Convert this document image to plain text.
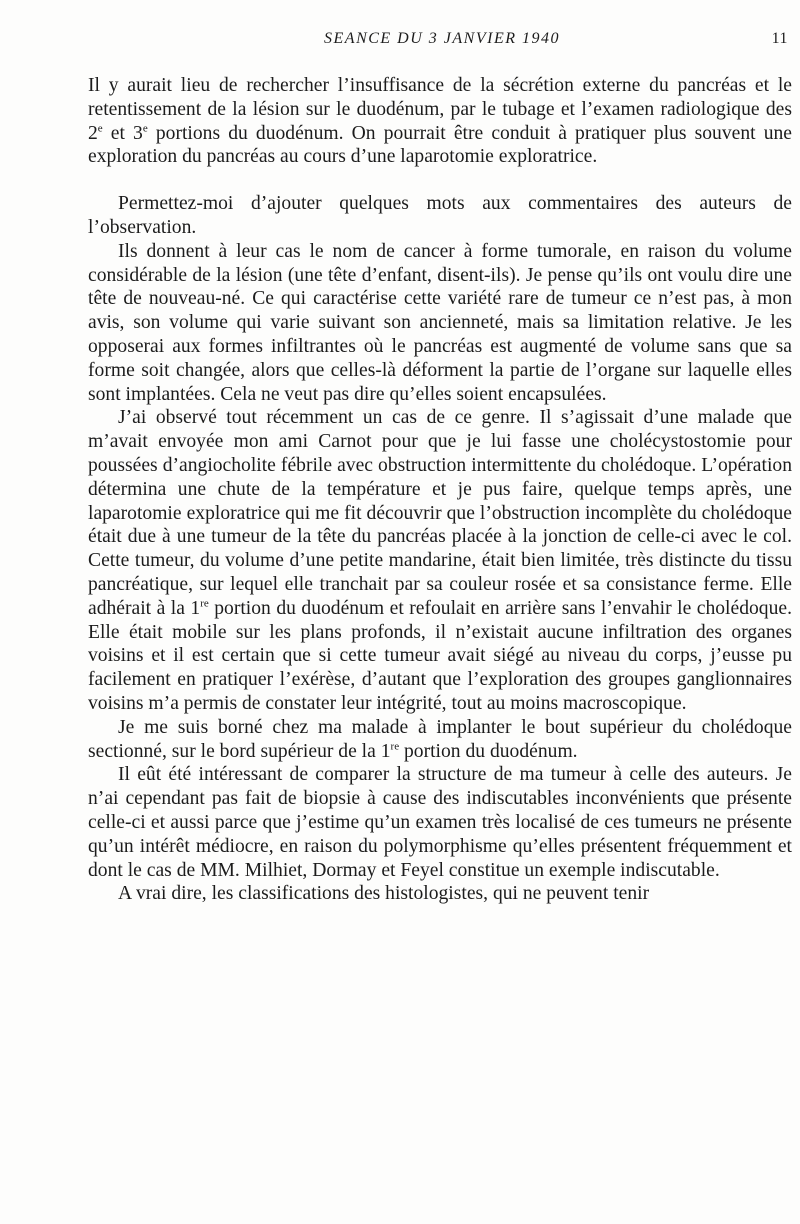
SEANCE DU 3 JANVIER 1940	11

Il y aurait lieu de rechercher l’insuffisance de la sécrétion externe du pancréas et le retentissement de la lésion sur le duodénum, par le tubage et l’examen radiologique des 2e et 3e portions du duodénum. On pourrait être conduit à pratiquer plus souvent une exploration du pancréas au cours d’une laparotomie exploratrice.

Permettez-moi d’ajouter quelques mots aux commentaires des auteurs de l’observation.

Ils donnent à leur cas le nom de cancer à forme tumorale, en raison du volume considérable de la lésion (une tête d’enfant, disent-ils). Je pense qu’ils ont voulu dire une tête de nouveau-né. Ce qui caractérise cette variété rare de tumeur ce n’est pas, à mon avis, son volume qui varie suivant son ancienneté, mais sa limitation relative. Je les opposerai aux formes infiltrantes où le pancréas est augmenté de volume sans que sa forme soit changée, alors que celles-là déforment la partie de l’organe sur laquelle elles sont implantées. Cela ne veut pas dire qu’elles soient encapsulées.

J’ai observé tout récemment un cas de ce genre. Il s’agissait d’une malade que m’avait envoyée mon ami Carnot pour que je lui fasse une cholécystostomie pour poussées d’angiocholite fébrile avec obstruction intermittente du cholédoque. L’opération détermina une chute de la température et je pus faire, quelque temps après, une laparotomie exploratrice qui me fit découvrir que l’obstruction incomplète du cholédoque était due à une tumeur de la tête du pancréas placée à la jonction de celle-ci avec le col. Cette tumeur, du volume d’une petite mandarine, était bien limitée, très distincte du tissu pancréatique, sur lequel elle tranchait par sa couleur rosée et sa consistance ferme. Elle adhérait à la 1re portion du duodénum et refoulait en arrière sans l’envahir le cholédoque. Elle était mobile sur les plans profonds, il n’existait aucune infiltration des organes voisins et il est certain que si cette tumeur avait siégé au niveau du corps, j’eusse pu facilement en pratiquer l’exérèse, d’autant que l’exploration des groupes ganglionnaires voisins m’a permis de constater leur intégrité, tout au moins macroscopique.

Je me suis borné chez ma malade à implanter le bout supérieur du cholédoque sectionné, sur le bord supérieur de la 1re portion du duodénum.

Il eût été intéressant de comparer la structure de ma tumeur à celle des auteurs. Je n’ai cependant pas fait de biopsie à cause des indiscutables inconvénients que présente celle-ci et aussi parce que j’estime qu’un examen très localisé de ces tumeurs ne présente qu’un intérêt médiocre, en raison du polymorphisme qu’elles présentent fréquemment et dont le cas de MM. Milhiet, Dormay et Feyel constitue un exemple indiscutable.

A vrai dire, les classifications des histologistes, qui ne peuvent tenir
